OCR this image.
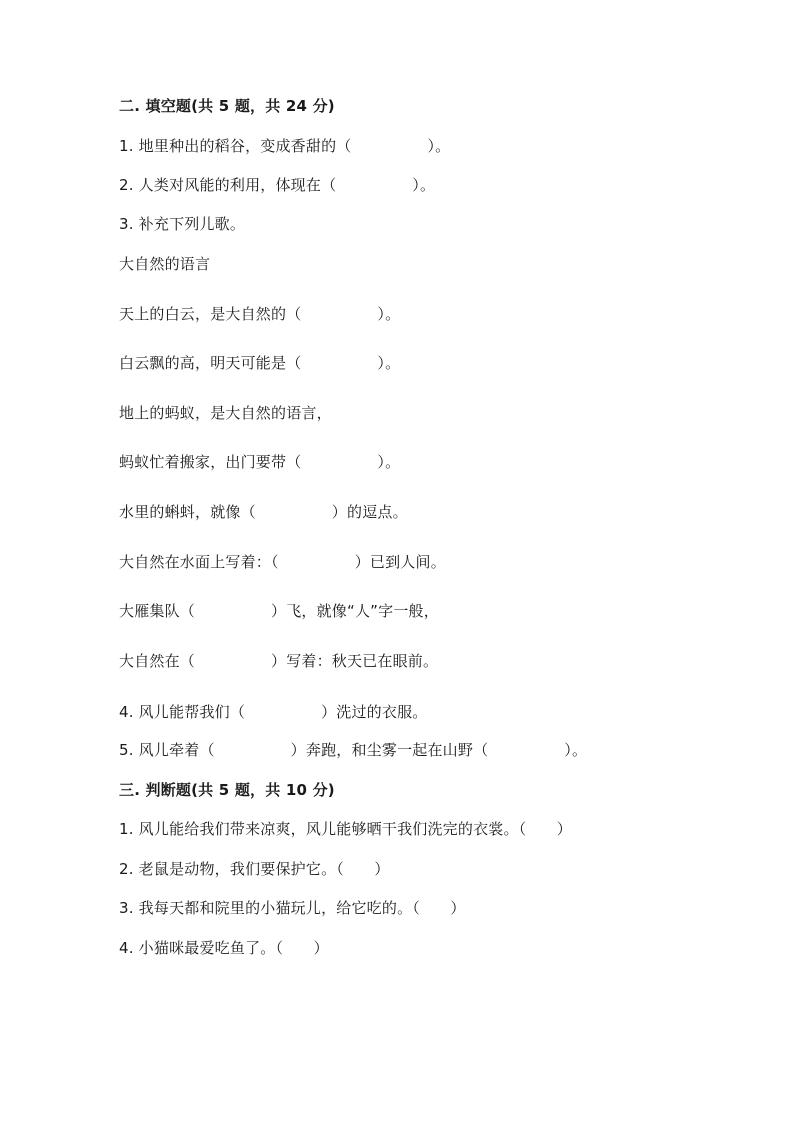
二. 填空题(共 5 题，共 24 分)
1. 地里种出的稻谷，变成香甜的（　　　　　）。
2. 人类对风能的利用，体现在（　　　　　）。
3. 补充下列儿歌。
大自然的语言
天上的白云，是大自然的（　　　　　）。
白云飘的高，明天可能是（　　　　　）。
地上的蚂蚁，是大自然的语言，
蚂蚁忙着搬家，出门要带（　　　　　）。
水里的蝌蚪，就像（　　　　　）的逗点。
大自然在水面上写着：（　　　　　）已到人间。
大雁集队（　　　　　）飞，就像“人”字一般，
大自然在（　　　　　）写着：秋天已在眼前。
4. 风儿能帮我们（　　　　　）洗过的衣服。
5. 风儿牵着（　　　　　）奔跑，和尘雾一起在山野（　　　　　）。
三. 判断题(共 5 题，共 10 分)
1. 风儿能给我们带来凉爽，风儿能够晒干我们洗完的衣裳。（　　）
2. 老鼠是动物，我们要保护它。（　　）
3. 我每天都和院里的小猫玩儿，给它吃的。（　　）
4. 小猫咪最爱吃鱼了。（　　）
